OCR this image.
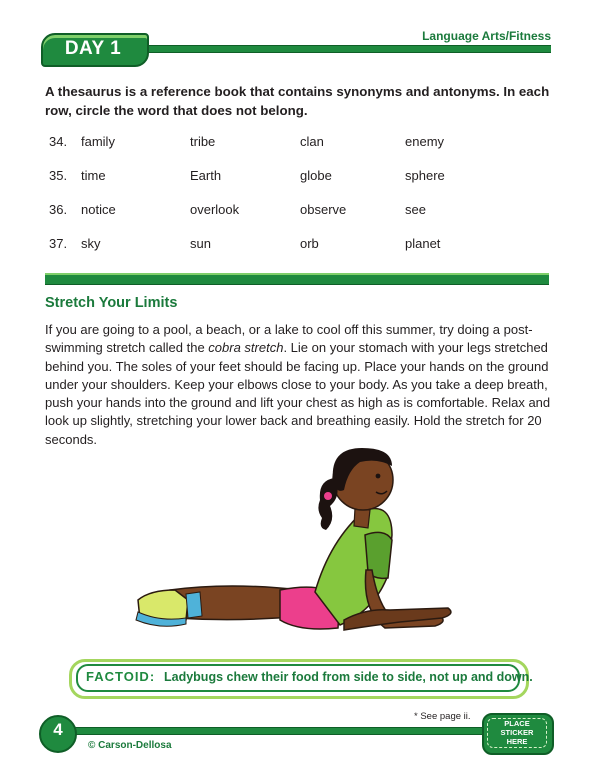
DAY 1
Language Arts/Fitness
A thesaurus is a reference book that contains synonyms and antonyms. In each row, circle the word that does not belong.
34. family	tribe	clan	enemy
35. time	Earth	globe	sphere
36. notice	overlook	observe	see
37. sky	sun	orb	planet
Stretch Your Limits

If you are going to a pool, a beach, or a lake to cool off this summer, try doing a post-swimming stretch called the cobra stretch. Lie on your stomach with your legs stretched behind you. The soles of your feet should be facing up. Place your hands on the ground under your shoulders. Keep your elbows close to your body. As you take a deep breath, push your hands into the ground and lift your chest as high as is comfortable. Relax and look up slightly, stretching your lower back and breathing easily. Hold the stretch for 20 seconds.

FACTOID: Ladybugs chew their food from side to side, not up and down.
* See page ii.
4
© Carson-Dellosa
PLACE
STICKER
HERE
